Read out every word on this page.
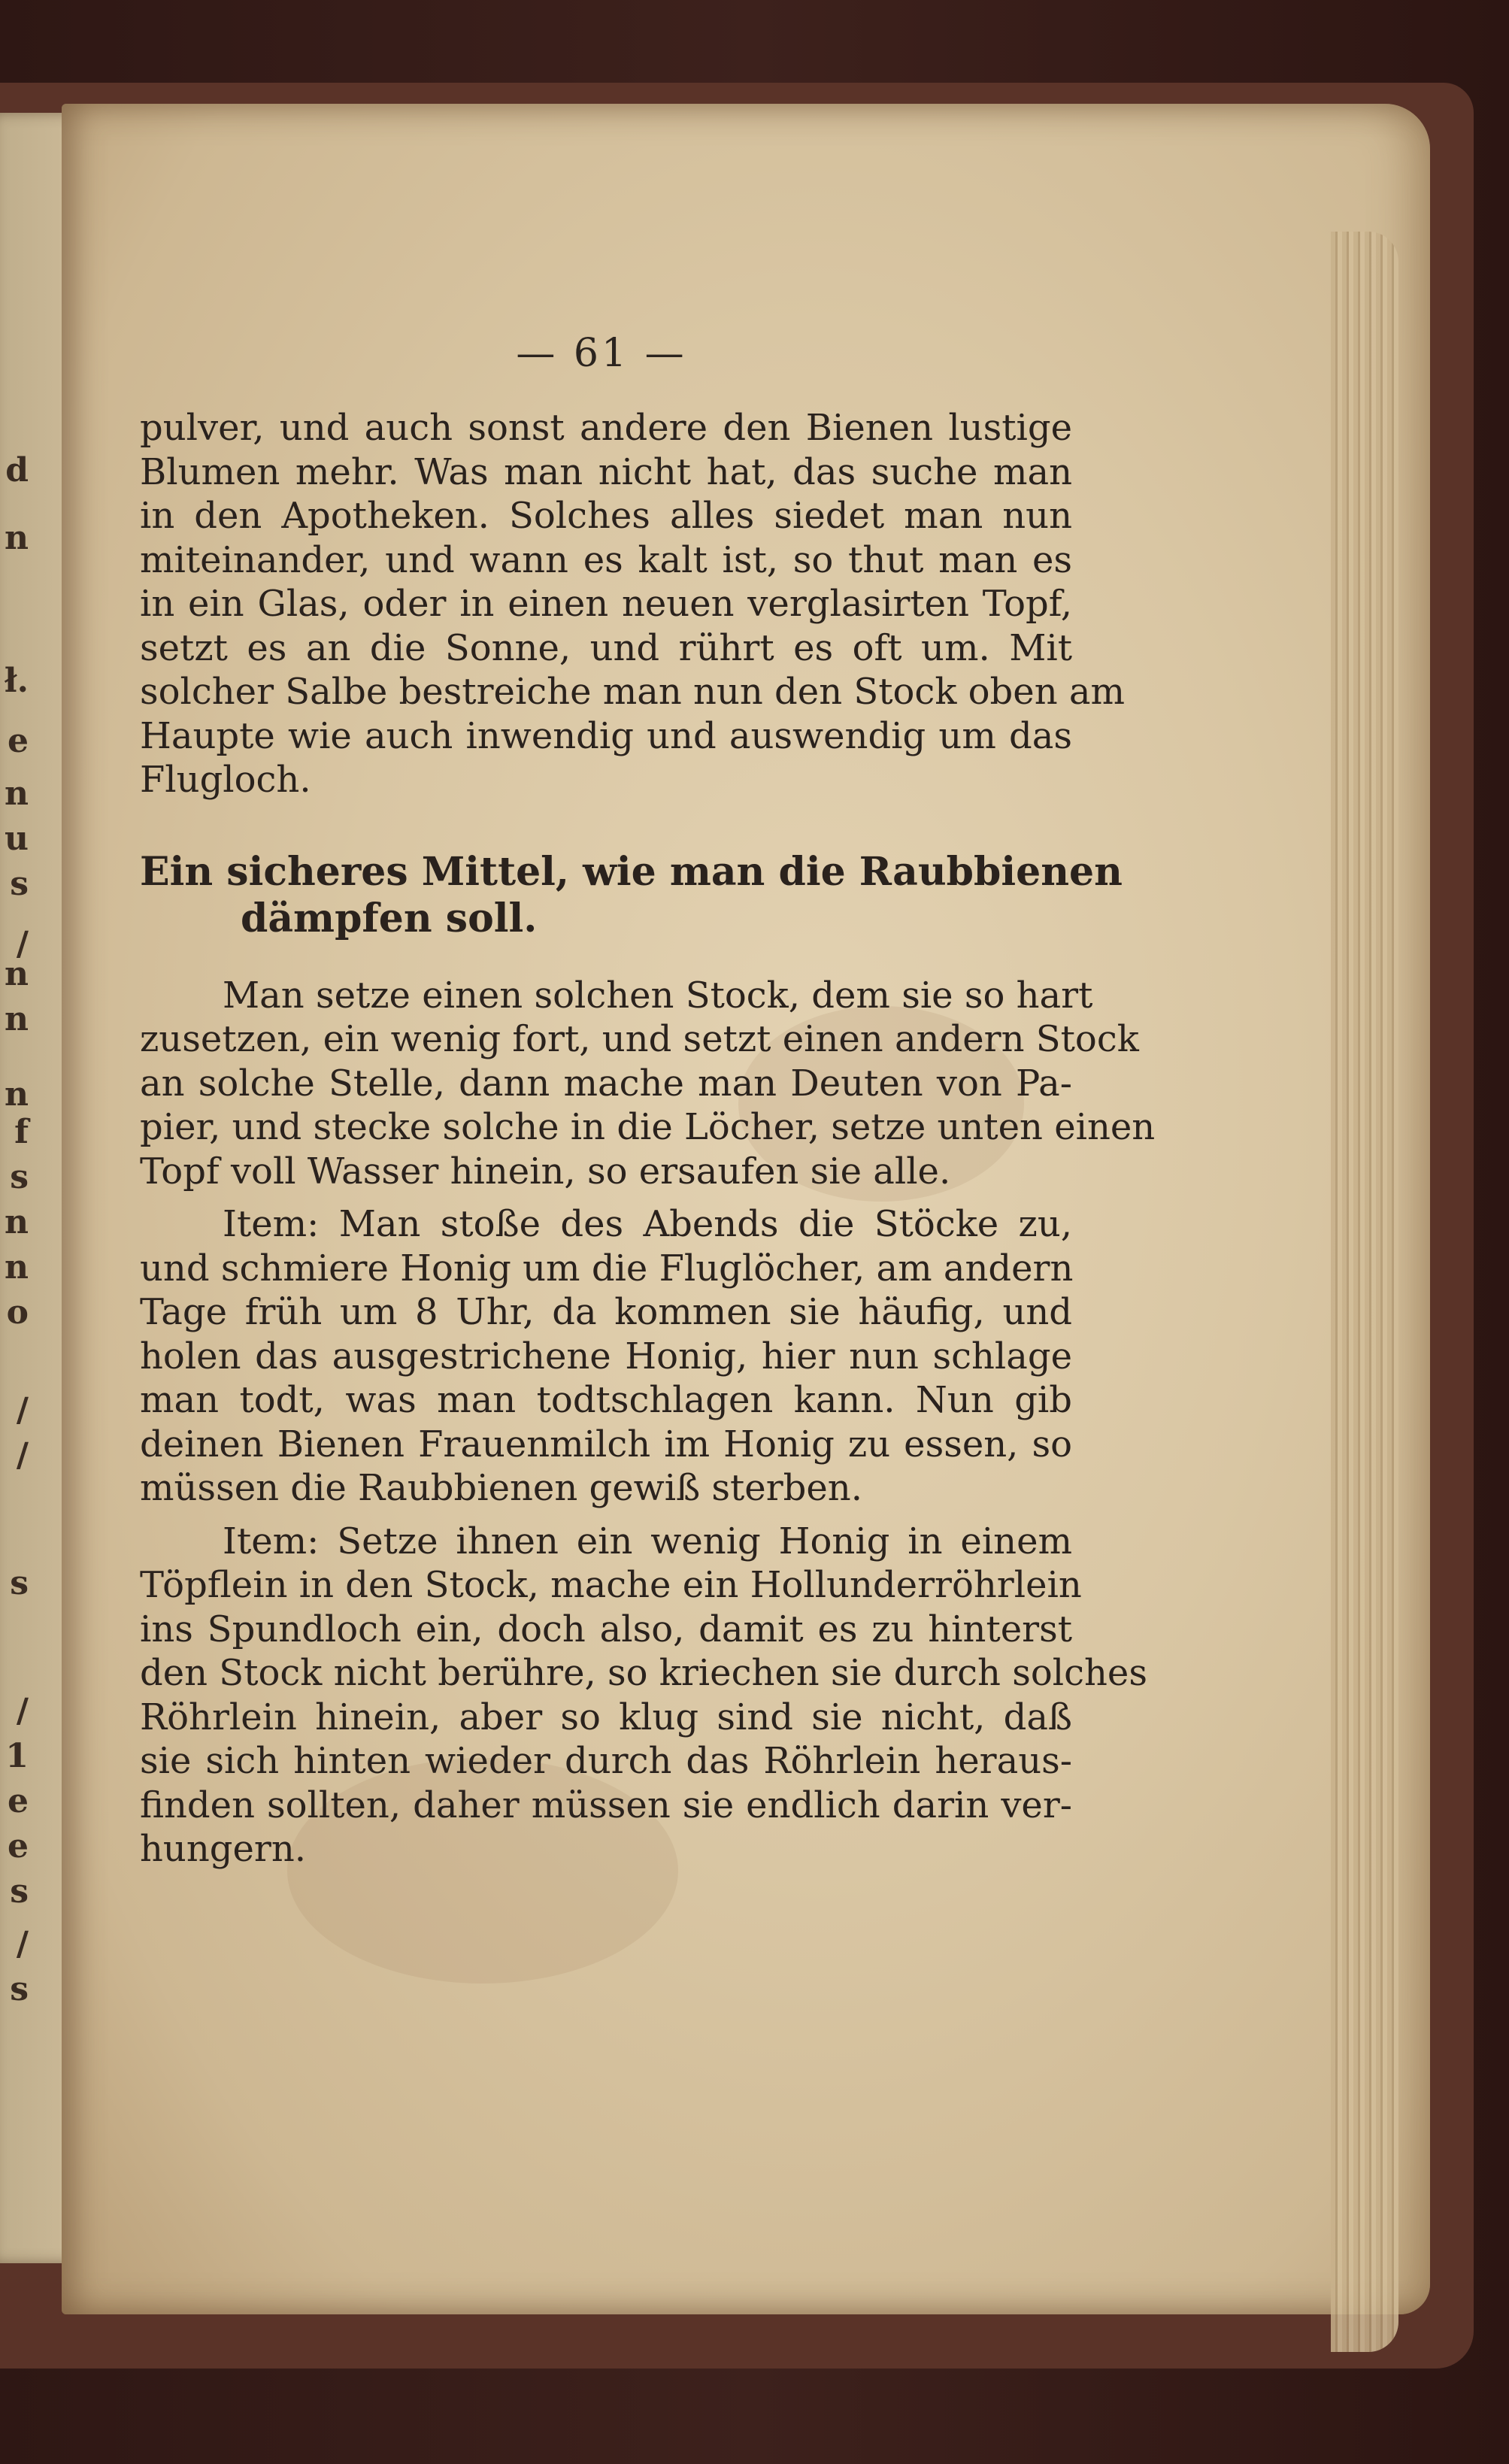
d
n
ł.
e
n
u
s
/
n
n
n
f
s
n
n
o
/
/
s
/
1
e
e
s
/
s
— 61 —
pulver, und auch sonst andere den Bienen lustige
Blumen mehr. Was man nicht hat, das suche man
in den Apotheken. Solches alles siedet man nun
miteinander, und wann es kalt ist, so thut man es
in ein Glas, oder in einen neuen verglasirten Topf,
setzt es an die Sonne, und rührt es oft um. Mit
solcher Salbe bestreiche man nun den Stock oben am
Haupte wie auch inwendig und auswendig um das
Flugloch.
Ein sicheres Mittel, wie man die Raubbienen
dämpfen soll.
Man setze einen solchen Stock, dem sie so hart
zusetzen, ein wenig fort, und setzt einen andern Stock
an solche Stelle, dann mache man Deuten von Pa-
pier, und stecke solche in die Löcher, setze unten einen
Topf voll Wasser hinein, so ersaufen sie alle.
Item: Man stoße des Abends die Stöcke zu,
und schmiere Honig um die Fluglöcher, am andern
Tage früh um 8 Uhr, da kommen sie häufig, und
holen das ausgestrichene Honig, hier nun schlage
man todt, was man todtschlagen kann. Nun gib
deinen Bienen Frauenmilch im Honig zu essen, so
müssen die Raubbienen gewiß sterben.
Item: Setze ihnen ein wenig Honig in einem
Töpflein in den Stock, mache ein Hollunderröhrlein
ins Spundloch ein, doch also, damit es zu hinterst
den Stock nicht berühre, so kriechen sie durch solches
Röhrlein hinein, aber so klug sind sie nicht, daß
sie sich hinten wieder durch das Röhrlein heraus-
finden sollten, daher müssen sie endlich darin ver-
hungern.
